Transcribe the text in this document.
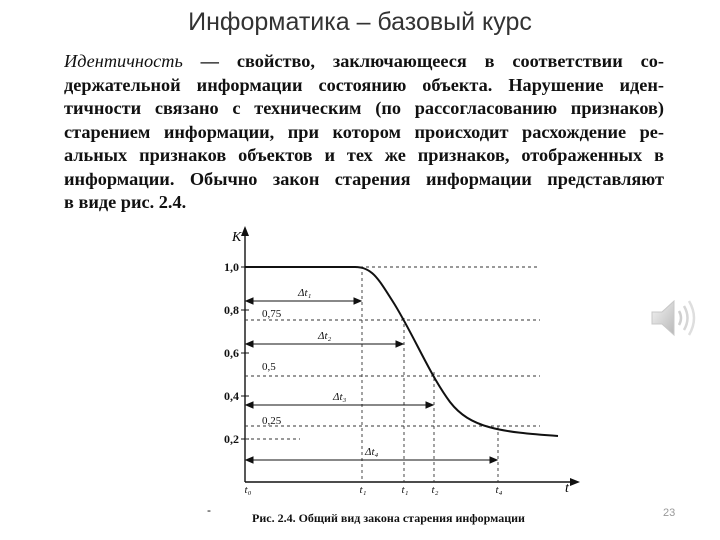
Информатика – базовый курс
Идентичность — свойство, заключающееся в соответствии со-
держательной информации состоянию объекта. Нарушение иден-
тичности связано с техническим (по рассогласованию признаков)
старением информации, при котором происходит расхождение ре-
альных признаков объектов и тех же признаков, отображенных в
информации. Обычно закон старения информации представляют
в виде рис. 2.4.
1,0
0,8
0,6
0,4
0,2
K
t
t₀	t₁	t₁ t₂	t₄
0,75
0,5
0,25
Δt₁
Δt₂
Δt₃
Δt₄
-
Рис. 2.4. Общий вид закона старения информации	23
